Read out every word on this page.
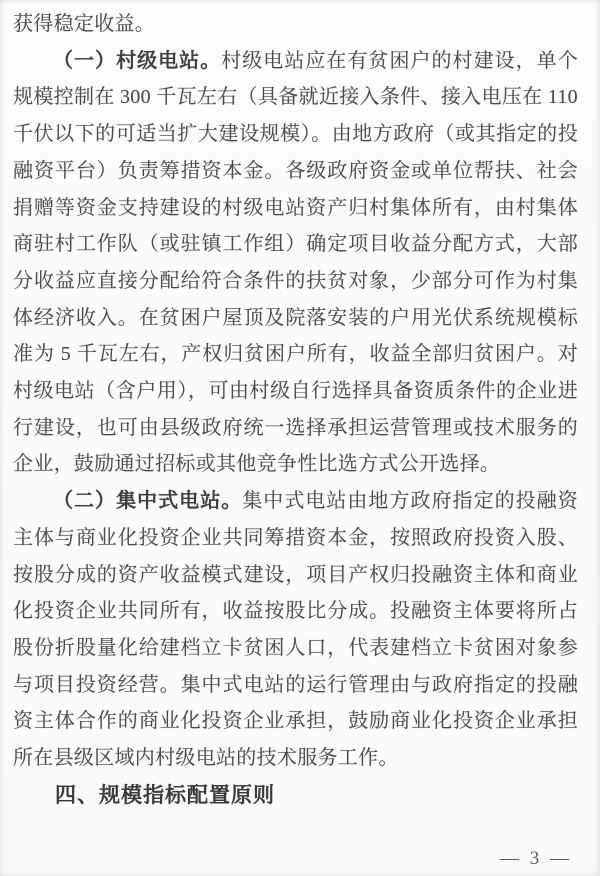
获得稳定收益。

（一）村级电站。村级电站应在有贫困户的村建设，单个规模控制在 300 千瓦左右（具备就近接入条件、接入电压在 110 千伏以下的可适当扩大建设规模）。由地方政府（或其指定的投融资平台）负责筹措资本金。各级政府资金或单位帮扶、社会捐赠等资金支持建设的村级电站资产归村集体所有，由村集体商驻村工作队（或驻镇工作组）确定项目收益分配方式，大部分收益应直接分配给符合条件的扶贫对象，少部分可作为村集体经济收入。在贫困户屋顶及院落安装的户用光伏系统规模标准为 5 千瓦左右，产权归贫困户所有，收益全部归贫困户。对村级电站（含户用），可由村级自行选择具备资质条件的企业进行建设，也可由县级政府统一选择承担运营管理或技术服务的企业，鼓励通过招标或其他竞争性比选方式公开选择。

（二）集中式电站。集中式电站由地方政府指定的投融资主体与商业化投资企业共同筹措资本金，按照政府投资入股、按股分成的资产收益模式建设，项目产权归投融资主体和商业化投资企业共同所有，收益按股比分成。投融资主体要将所占股份折股量化给建档立卡贫困人口，代表建档立卡贫困对象参与项目投资经营。集中式电站的运行管理由与政府指定的投融资主体合作的商业化投资企业承担，鼓励商业化投资企业承担所在县级区域内村级电站的技术服务工作。

四、规模指标配置原则
— 3 —
